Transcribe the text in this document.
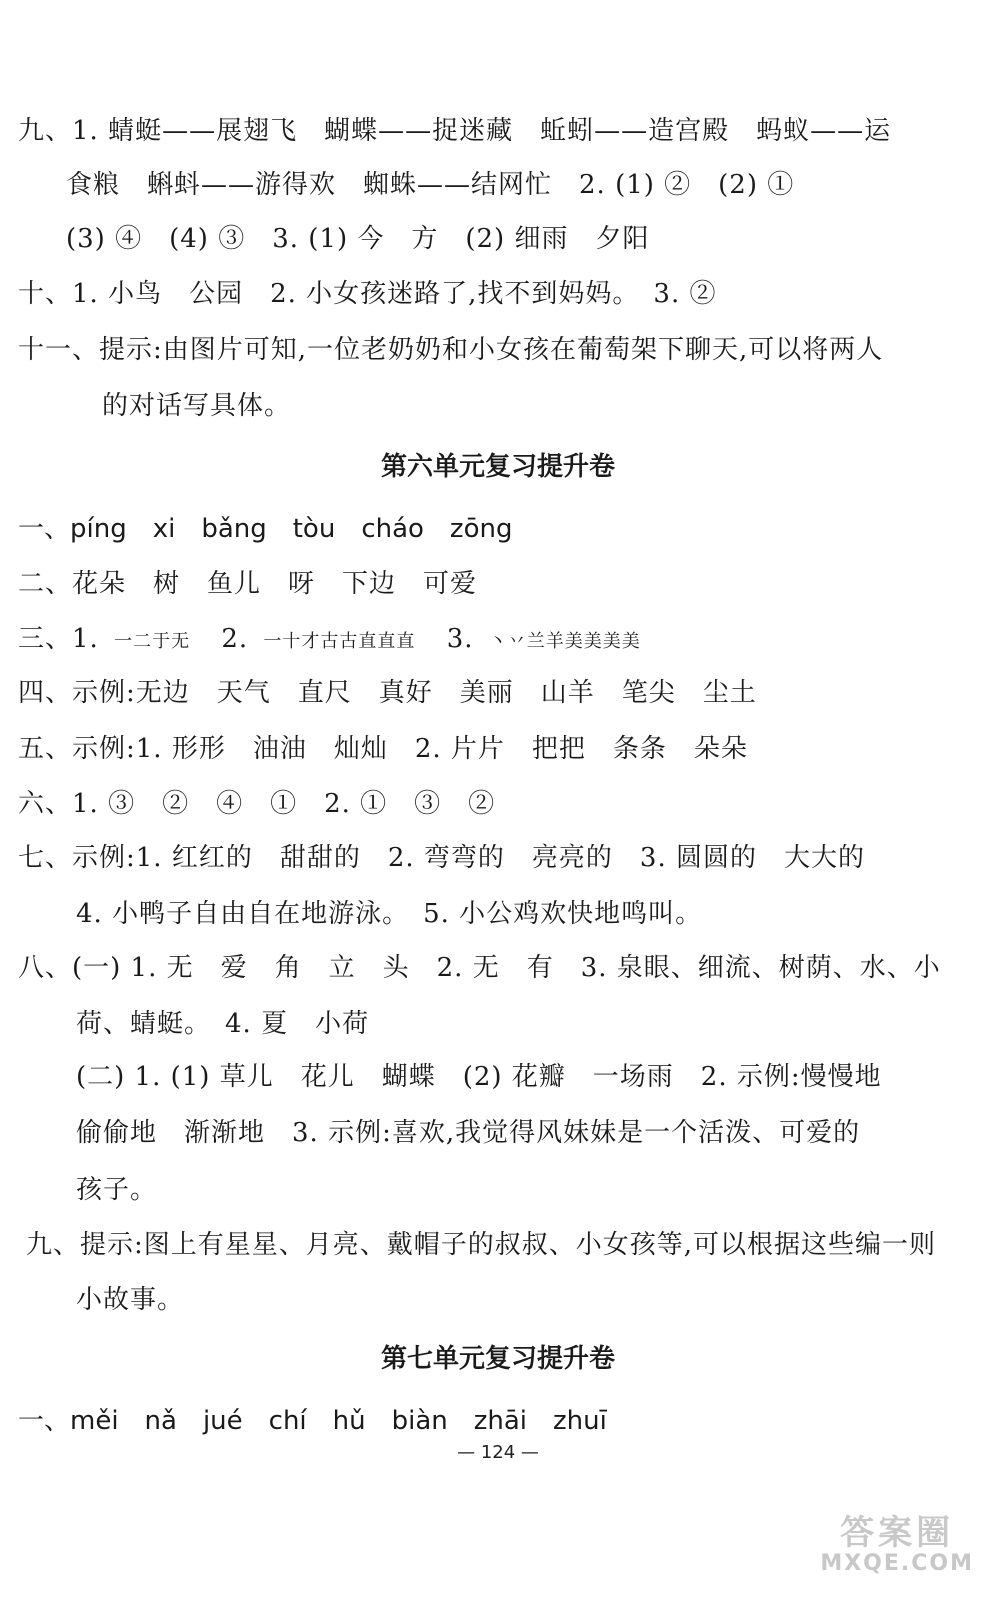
九、1. 蜻蜓——展翅飞　蝴蝶——捉迷藏　蚯蚓——造宫殿　蚂蚁——运
食粮　蝌蚪——游得欢　蜘蛛——结网忙　2. (1) ②　(2) ①
(3) ④　(4) ③　3. (1) 今　方　(2) 细雨　夕阳
十、1. 小鸟　公园　2. 小女孩迷路了,找不到妈妈。　3. ②
十一、提示:由图片可知,一位老奶奶和小女孩在葡萄架下聊天,可以将两人
的对话写具体。
第六单元复习提升卷
一、píng　xi　bǎng　tòu　cháo　zōng
二、花朵　树　鱼儿　呀　下边　可爱
三、1. 一二于无 2. 一十才古古直直直 3. 丶丷兰羊美美美美
四、示例:无边　天气　直尺　真好　美丽　山羊　笔尖　尘土
五、示例:1. 形形　油油　灿灿　2. 片片　把把　条条　朵朵
六、1. ③　②　④　①　2. ①　③　②
七、示例:1. 红红的　甜甜的　2. 弯弯的　亮亮的　3. 圆圆的　大大的
4. 小鸭子自由自在地游泳。　5. 小公鸡欢快地鸣叫。
八、(一) 1. 无　爱　角　立　头　2. 无　有　3. 泉眼、细流、树荫、水、小
荷、蜻蜓。　4. 夏　小荷
(二) 1. (1) 草儿　花儿　蝴蝶　(2) 花瓣　一场雨　2. 示例:慢慢地
偷偷地　渐渐地　3. 示例:喜欢,我觉得风妹妹是一个活泼、可爱的
孩子。
九、提示:图上有星星、月亮、戴帽子的叔叔、小女孩等,可以根据这些编一则
小故事。
第七单元复习提升卷
一、měi　nǎ　jué　chí　hǔ　biàn　zhāi　zhuī
— 124 —
答案圈
MXQE.COM
